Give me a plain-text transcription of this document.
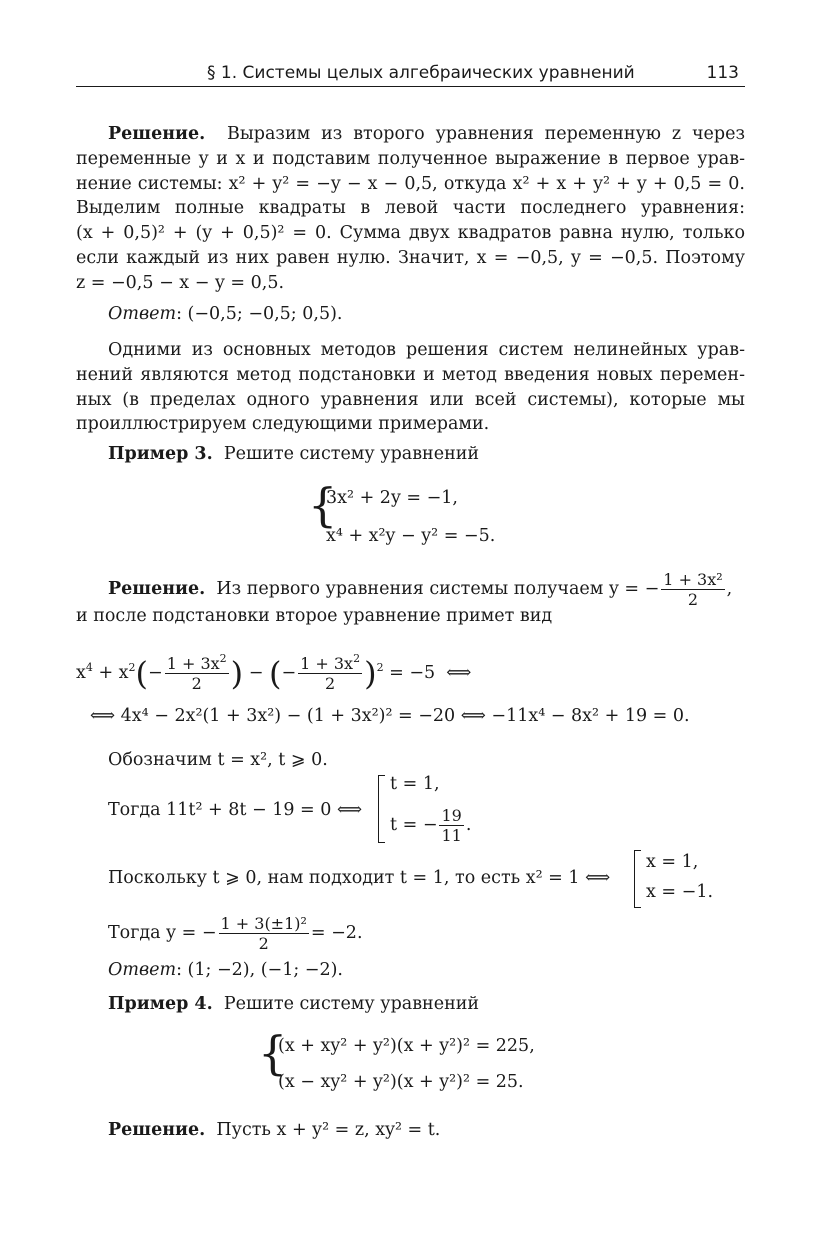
§ 1. Системы целых алгебраических уравнений	113
Решение. Выразим из второго уравнения переменную z через
переменные y и x и подставим полученное выражение в первое урав-
нение системы: x² + y² = −y − x − 0,5, откуда x² + x + y² + y + 0,5 = 0.
Выделим полные квадраты в левой части последнего уравнения:
(x + 0,5)² + (y + 0,5)² = 0. Сумма двух квадратов равна нулю, только
если каждый из них равен нулю. Значит, x = −0,5, y = −0,5. Поэтому
z = −0,5 − x − y = 0,5.
Ответ: (−0,5; −0,5; 0,5).
Одними из основных методов решения систем нелинейных урав-
нений являются метод подстановки и метод введения новых перемен-
ных (в пределах одного уравнения или всей системы), которые мы
проиллюстрируем следующими примерами.
Пример 3. Решите систему уравнений
{
3x² + 2y = −1,
x⁴ + x²y − y² = −5.
Решение. Из первого уравнения системы получаем y = − $\frac{\text{1 + 3x²}}{2}$ ,
и после подстановки второе уравнение примет вид
$x^4 + x^2(- \frac{1 + 3x^2}{2}$ ) − (− $\frac{1 + 3x^2}{2} )^2 = -5$  ⟺
⟺ 4x⁴ − 2x²(1 + 3x²) − (1 + 3x²)² = −20 ⟺ −11x⁴ − 8x² + 19 = 0.
Обозначим t = x², t ⩾ 0.
Тогда 11t² + 8t − 19 = 0 ⟺
t = 1,
t = − $\frac{19}{11}$ .
Поскольку t ⩾ 0, нам подходит t = 1, то есть x² = 1 ⟺
x = 1,
x = −1.
Тогда y = − $\frac{\text{1 + 3(±1)²}}{2} = -2$.
Ответ: (1; −2), (−1; −2).
Пример 4. Решите систему уравнений
{
(x + xy² + y²)(x + y²)² = 225,
(x − xy² + y²)(x + y²)² = 25.
Решение. Пусть x + y² = z, xy² = t.
